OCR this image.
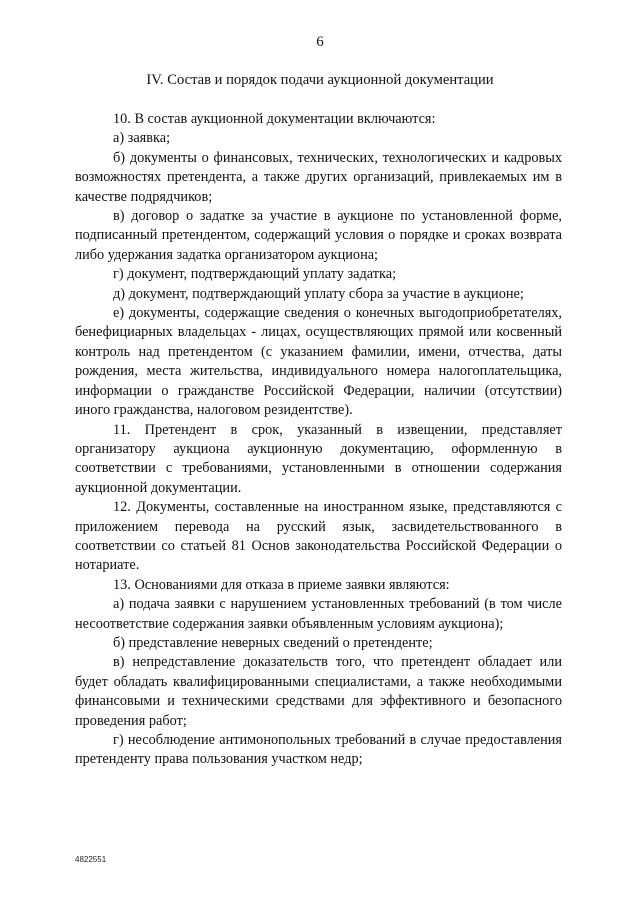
6
IV. Состав и порядок подачи аукционной документации

10. В состав аукционной документации включаются:

а) заявка;

б) документы о финансовых, технических, технологических и кадровых возможностях претендента, а также других организаций, привлекаемых им в качестве подрядчиков;

в) договор о задатке за участие в аукционе по установленной форме, подписанный претендентом, содержащий условия о порядке и сроках возврата либо удержания задатка организатором аукциона;

г) документ, подтверждающий уплату задатка;

д) документ, подтверждающий уплату сбора за участие в аукционе;

е) документы, содержащие сведения о конечных выгодоприобретателях, бенефициарных владельцах - лицах, осуществляющих прямой или косвенный контроль над претендентом (с указанием фамилии, имени, отчества, даты рождения, места жительства, индивидуального номера налогоплательщика, информации о гражданстве Российской Федерации, наличии (отсутствии) иного гражданства, налоговом резидентстве).

11. Претендент в срок, указанный в извещении, представляет организатору аукциона аукционную документацию, оформленную в соответствии с требованиями, установленными в отношении содержания аукционной документации.

12. Документы, составленные на иностранном языке, представляются с приложением перевода на русский язык, засвидетельствованного в соответствии со статьей 81 Основ законодательства Российской Федерации о нотариате.

13. Основаниями для отказа в приеме заявки являются:

а) подача заявки с нарушением установленных требований (в том числе несоответствие содержания заявки объявленным условиям аукциона);

б) представление неверных сведений о претенденте;

в) непредставление доказательств того, что претендент обладает или будет обладать квалифицированными специалистами, а также необходимыми финансовыми и техническими средствами для эффективного и безопасного проведения работ;

г) несоблюдение антимонопольных требований в случае предоставления претенденту права пользования участком недр;

4822551
